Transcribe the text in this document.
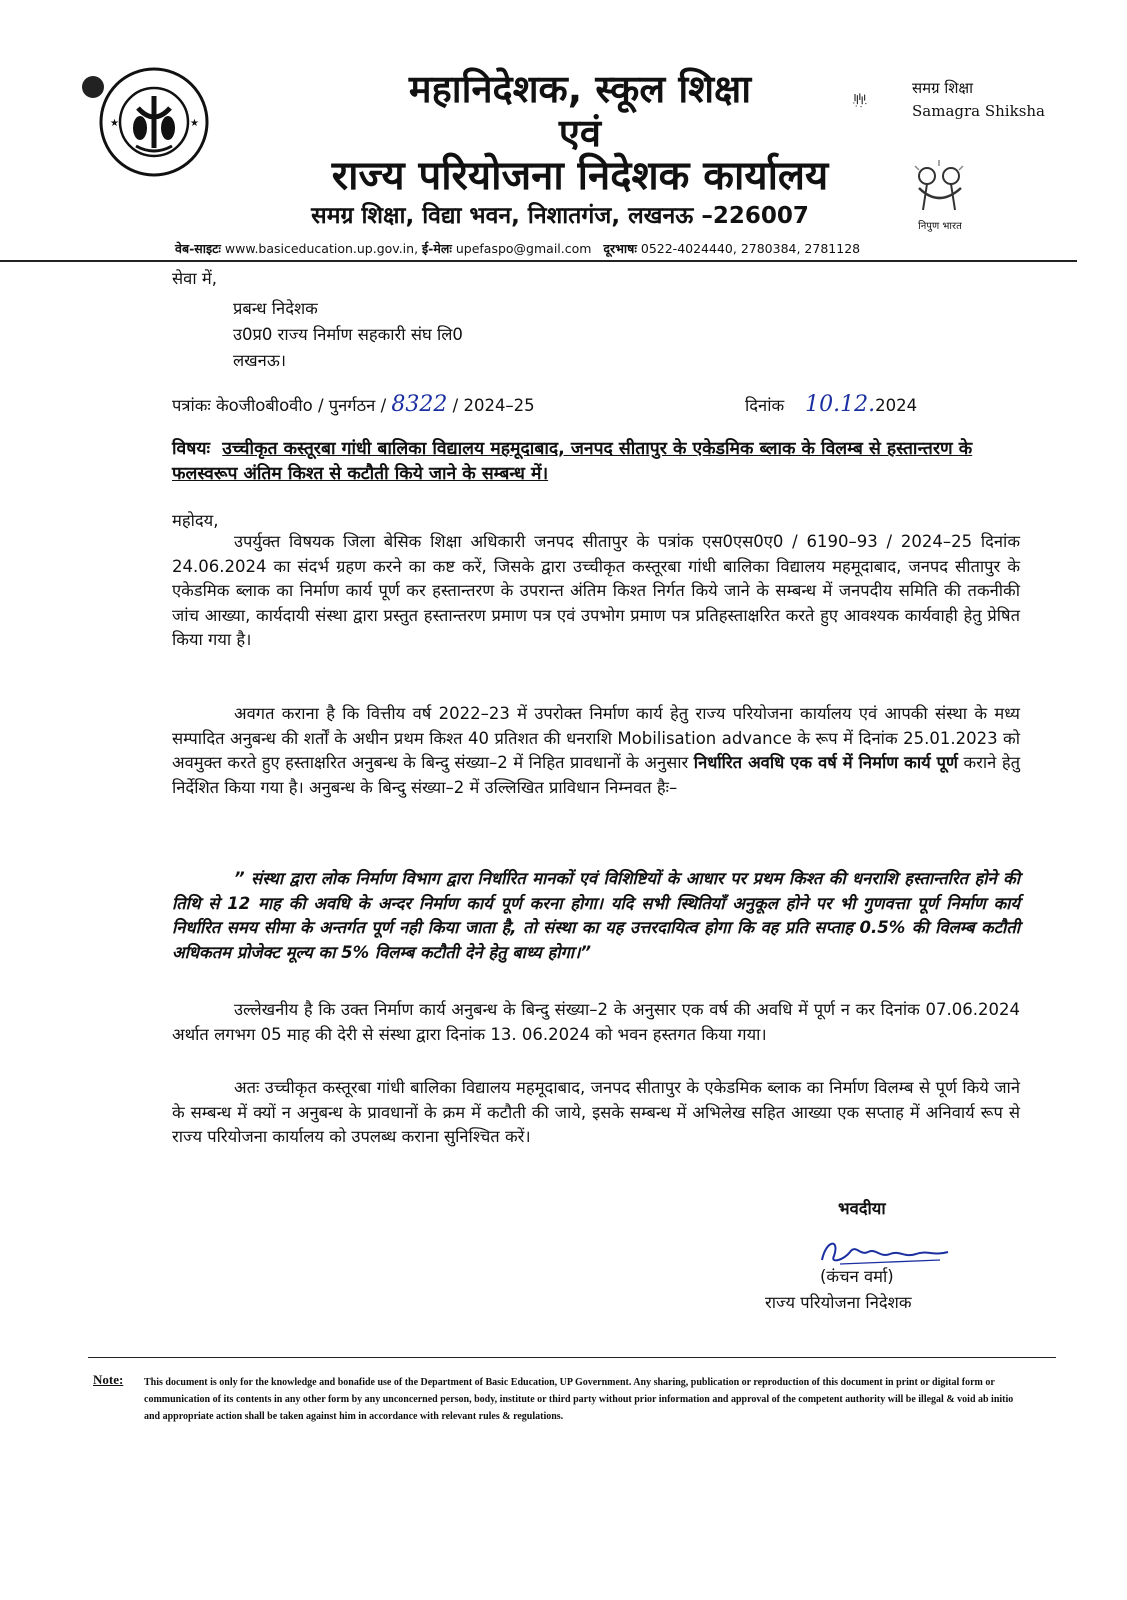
★	★
महानिदेशक, स्कूल शिक्षा
एवं
राज्य परियोजना निदेशक कार्यालय
समग्र शिक्षा, विद्या भवन, निशातगंज, लखनऊ –226007
समग्र शिक्षा
Samagra Shiksha
निपुण भारत
वेब-साइटः www.basiceducation.up.gov.in, ई-मेलः upefaspo@gmail.com दूरभाषः 0522-4024440, 2780384, 2781128
सेवा में,
प्रबन्ध निदेशक
उ0प्र0 राज्य निर्माण सहकारी संघ लि0
लखनऊ।
पत्रांकः केoजीoबीoवीo / पुनर्गठन / 8322 / 2024–25	दिनांक 10.12.2024
विषयः उच्चीकृत कस्तूरबा गांधी बालिका विद्यालय महमूदाबाद, जनपद सीतापुर के एकेडमिक ब्लाक के विलम्ब से हस्तान्तरण के फलस्वरूप अंतिम किश्त से कटौती किये जाने के सम्बन्ध में।
महोदय,
उपर्युक्त विषयक जिला बेसिक शिक्षा अधिकारी जनपद सीतापुर के पत्रांक एस0एस0ए0 / 6190–93 / 2024–25 दिनांक 24.06.2024 का संदर्भ ग्रहण करने का कष्ट करें, जिसके द्वारा उच्चीकृत कस्तूरबा गांधी बालिका विद्यालय महमूदाबाद, जनपद सीतापुर के एकेडमिक ब्लाक का निर्माण कार्य पूर्ण कर हस्तान्तरण के उपरान्त अंतिम किश्त निर्गत किये जाने के सम्बन्ध में जनपदीय समिति की तकनीकी जांच आख्या, कार्यदायी संस्था द्वारा प्रस्तुत हस्तान्तरण प्रमाण पत्र एवं उपभोग प्रमाण पत्र प्रतिहस्ताक्षरित करते हुए आवश्यक कार्यवाही हेतु प्रेषित किया गया है।
अवगत कराना है कि वित्तीय वर्ष 2022–23 में उपरोक्त निर्माण कार्य हेतु राज्य परियोजना कार्यालय एवं आपकी संस्था के मध्य सम्पादित अनुबन्ध की शर्तों के अधीन प्रथम किश्त 40 प्रतिशत की धनराशि Mobilisation advance के रूप में दिनांक 25.01.2023 को अवमुक्त करते हुए हस्ताक्षरित अनुबन्ध के बिन्दु संख्या–2 में निहित प्रावधानों के अनुसार निर्धारित अवधि एक वर्ष में निर्माण कार्य पूर्ण कराने हेतु निर्देशित किया गया है। अनुबन्ध के बिन्दु संख्या–2 में उल्लिखित प्राविधान निम्नवत हैः–
” संस्था द्वारा लोक निर्माण विभाग द्वारा निर्धारित मानकों एवं विशिष्टियों के आधार पर प्रथम किश्त की धनराशि हस्तान्तरित होने की तिथि से 12 माह की अवधि के अन्दर निर्माण कार्य पूर्ण करना होगा। यदि सभी स्थितियाँ अनुकूल होने पर भी गुणवत्ता पूर्ण निर्माण कार्य निर्धारित समय सीमा के अन्तर्गत पूर्ण नही किया जाता है, तो संस्था का यह उत्तरदायित्व होगा कि वह प्रति सप्ताह 0.5% की विलम्ब कटौती अधिकतम प्रोजेक्ट मूल्य का 5% विलम्ब कटौती देने हेतु बाध्य होगा।”
उल्लेखनीय है कि उक्त निर्माण कार्य अनुबन्ध के बिन्दु संख्या–2 के अनुसार एक वर्ष की अवधि में पूर्ण न कर दिनांक 07.06.2024 अर्थात लगभग 05 माह की देरी से संस्था द्वारा दिनांक 13. 06.2024 को भवन हस्तगत किया गया।
अतः उच्चीकृत कस्तूरबा गांधी बालिका विद्यालय महमूदाबाद, जनपद सीतापुर के एकेडमिक ब्लाक का निर्माण विलम्ब से पूर्ण किये जाने के सम्बन्ध में क्यों न अनुबन्ध के प्रावधानों के क्रम में कटौती की जाये, इसके सम्बन्ध में अभिलेख सहित आख्या एक सप्ताह में अनिवार्य रूप से राज्य परियोजना कार्यालय को उपलब्ध कराना सुनिश्चित करें।
भवदीया
(कंचन वर्मा)
राज्य परियोजना निदेशक
Note: This document is only for the knowledge and bonafide use of the Department of Basic Education, UP Government. Any sharing, publication or reproduction of this document in print or digital form or communication of its contents in any other form by any unconcerned person, body, institute or third party without prior information and approval of the competent authority will be illegal & void ab initio and appropriate action shall be taken against him in accordance with relevant rules & regulations.
